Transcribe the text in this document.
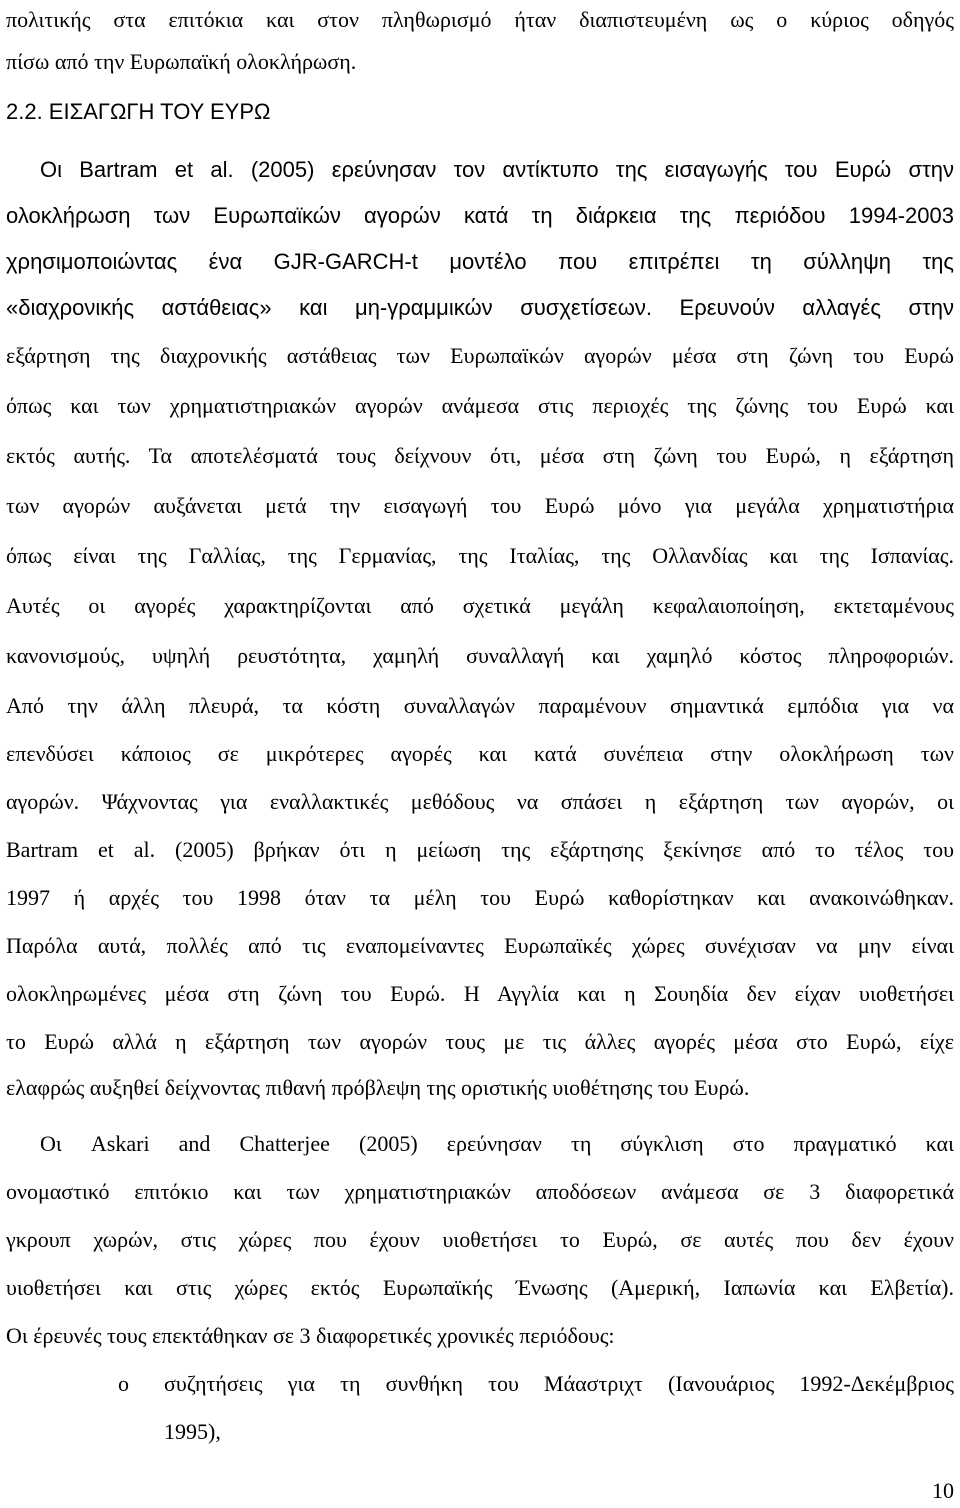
πολιτικής στα επιτόκια και στον πληθωρισμό ήταν διαπιστευμένη ως ο κύριος οδηγός
πίσω από την Ευρωπαϊκή ολοκλήρωση.
2.2. ΕΙΣΑΓΩΓΗ ΤΟΥ ΕΥΡΩ
Οι Bartram et al. (2005) ερεύνησαν τον αντίκτυπο της εισαγωγής του Ευρώ στην
ολοκλήρωση των Ευρωπαϊκών αγορών κατά τη διάρκεια της περιόδου 1994-2003
χρησιμοποιώντας ένα GJR-GARCH-t μοντέλο που επιτρέπει τη σύλληψη της
«διαχρονικής αστάθειας» και μη-γραμμικών συσχετίσεων. Ερευνούν αλλαγές στην
εξάρτηση της διαχρονικής αστάθειας των Ευρωπαϊκών αγορών μέσα στη ζώνη του Ευρώ
όπως και των χρηματιστηριακών αγορών ανάμεσα στις περιοχές της ζώνης του Ευρώ και
εκτός αυτής. Τα αποτελέσματά τους δείχνουν ότι, μέσα στη ζώνη του Ευρώ, η εξάρτηση
των αγορών αυξάνεται μετά την εισαγωγή του Ευρώ μόνο για μεγάλα χρηματιστήρια
όπως είναι της Γαλλίας, της Γερμανίας, της Ιταλίας, της Ολλανδίας και της Ισπανίας.
Αυτές οι αγορές χαρακτηρίζονται από σχετικά μεγάλη κεφαλαιοποίηση, εκτεταμένους
κανονισμούς, υψηλή ρευστότητα, χαμηλή συναλλαγή και χαμηλό κόστος πληροφοριών.
Από την άλλη πλευρά, τα κόστη συναλλαγών παραμένουν σημαντικά εμπόδια για να
επενδύσει κάποιος σε μικρότερες αγορές και κατά συνέπεια στην ολοκλήρωση των
αγορών. Ψάχνοντας για εναλλακτικές μεθόδους να σπάσει η εξάρτηση των αγορών, οι
Bartram et al. (2005) βρήκαν ότι η μείωση της εξάρτησης ξεκίνησε από το τέλος του
1997 ή αρχές του 1998 όταν τα μέλη του Ευρώ καθορίστηκαν και ανακοινώθηκαν.
Παρόλα αυτά, πολλές από τις εναπομείναντες Ευρωπαϊκές χώρες συνέχισαν να μην είναι
ολοκληρωμένες μέσα στη ζώνη του Ευρώ. Η Αγγλία και η Σουηδία δεν είχαν υιοθετήσει
το Ευρώ αλλά η εξάρτηση των αγορών τους με τις άλλες αγορές μέσα στο Ευρώ, είχε
ελαφρώς αυξηθεί δείχνοντας πιθανή πρόβλεψη της οριστικής υιοθέτησης του Ευρώ.
Οι Askari and Chatterjee (2005) ερεύνησαν τη σύγκλιση στο πραγματικό και
ονομαστικό επιτόκιο και των χρηματιστηριακών αποδόσεων ανάμεσα σε 3 διαφορετικά
γκρουπ χωρών, στις χώρες που έχουν υιοθετήσει το Ευρώ, σε αυτές που δεν έχουν
υιοθετήσει και στις χώρες εκτός Ευρωπαϊκής Ένωσης (Αμερική, Ιαπωνία και Ελβετία).
Οι έρευνές τους επεκτάθηκαν σε 3 διαφορετικές χρονικές περιόδους:
o συζητήσεις για τη συνθήκη του Μάαστριχτ (Ιανουάριος 1992-Δεκέμβριος
1995),
10
